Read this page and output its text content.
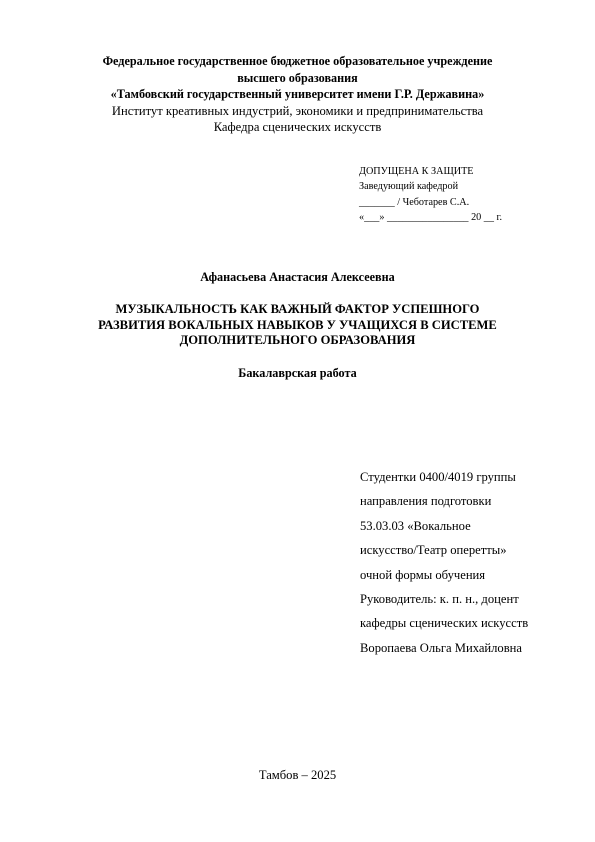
Федеральное государственное бюджетное образовательное учреждение
высшего образования
«Тамбовский государственный университет имени Г.Р. Державина»
Институт креативных индустрий, экономики и предпринимательства
Кафедра сценических искусств
ДОПУЩЕНА К ЗАЩИТЕ
Заведующий кафедрой
_______ / Чеботарев С.А.
«___» ________________ 20 __ г.
Афанасьева Анастасия Алексеевна
МУЗЫКАЛЬНОСТЬ КАК ВАЖНЫЙ ФАКТОР УСПЕШНОГО
РАЗВИТИЯ ВОКАЛЬНЫХ НАВЫКОВ У УЧАЩИХСЯ В СИСТЕМЕ
ДОПОЛНИТЕЛЬНОГО ОБРАЗОВАНИЯ
Бакалаврская работа
Студентки 0400/4019 группы
направления подготовки
53.03.03 «Вокальное
искусство/Театр оперетты»
очной формы обучения
Руководитель: к. п. н., доцент
кафедры сценических искусств
Воропаева Ольга Михайловна
Тамбов – 2025
